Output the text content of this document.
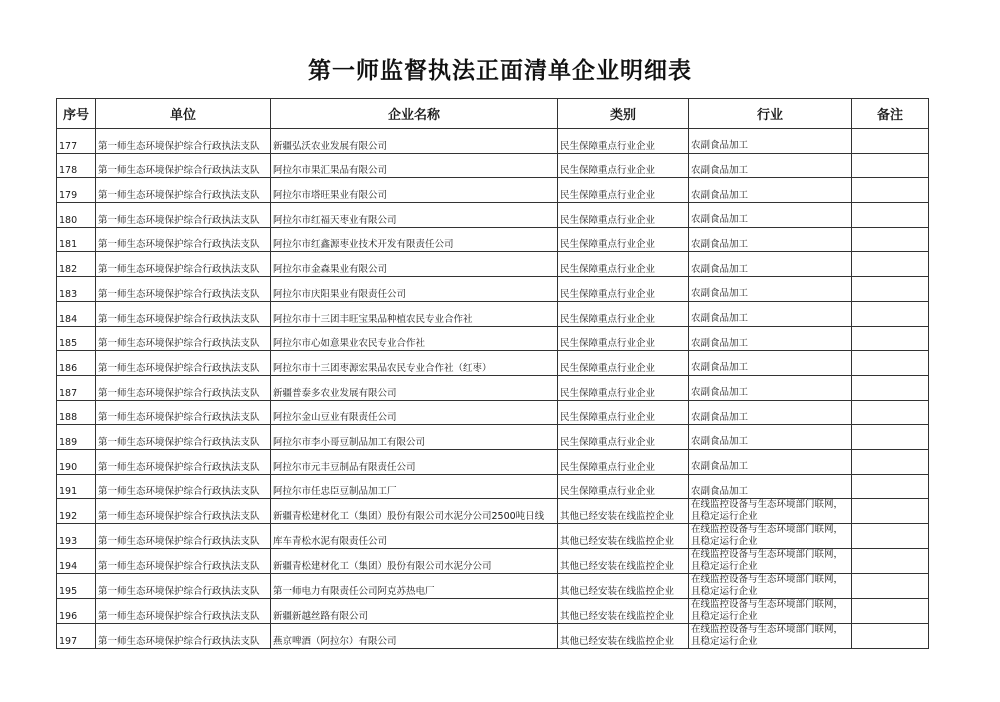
第一师监督执法正面清单企业明细表
序号	单位	企业名称	类别	行业	备注
177	第一师生态环境保护综合行政执法支队	新疆弘沃农业发展有限公司	民生保障重点行业企业	农副食品加工	
178	第一师生态环境保护综合行政执法支队	阿拉尔市果汇果品有限公司	民生保障重点行业企业	农副食品加工	
179	第一师生态环境保护综合行政执法支队	阿拉尔市塔旺果业有限公司	民生保障重点行业企业	农副食品加工	
180	第一师生态环境保护综合行政执法支队	阿拉尔市红福天枣业有限公司	民生保障重点行业企业	农副食品加工	
181	第一师生态环境保护综合行政执法支队	阿拉尔市红鑫源枣业技术开发有限责任公司	民生保障重点行业企业	农副食品加工	
182	第一师生态环境保护综合行政执法支队	阿拉尔市金森果业有限公司	民生保障重点行业企业	农副食品加工	
183	第一师生态环境保护综合行政执法支队	阿拉尔市庆阳果业有限责任公司	民生保障重点行业企业	农副食品加工	
184	第一师生态环境保护综合行政执法支队	阿拉尔市十三团丰旺宝果品种植农民专业合作社	民生保障重点行业企业	农副食品加工	
185	第一师生态环境保护综合行政执法支队	阿拉尔市心如意果业农民专业合作社	民生保障重点行业企业	农副食品加工	
186	第一师生态环境保护综合行政执法支队	阿拉尔市十三团枣源宏果品农民专业合作社（红枣）	民生保障重点行业企业	农副食品加工	
187	第一师生态环境保护综合行政执法支队	新疆普泰多农业发展有限公司	民生保障重点行业企业	农副食品加工	
188	第一师生态环境保护综合行政执法支队	阿拉尔金山豆业有限责任公司	民生保障重点行业企业	农副食品加工	
189	第一师生态环境保护综合行政执法支队	阿拉尔市李小哥豆制品加工有限公司	民生保障重点行业企业	农副食品加工	
190	第一师生态环境保护综合行政执法支队	阿拉尔市元丰豆制品有限责任公司	民生保障重点行业企业	农副食品加工	
191	第一师生态环境保护综合行政执法支队	阿拉尔市任忠臣豆制品加工厂	民生保障重点行业企业	农副食品加工	
192	第一师生态环境保护综合行政执法支队	新疆青松建材化工（集团）股份有限公司水泥分公司2500吨日线	其他已经安装在线监控企业	在线监控设备与生态环境部门联网，且稳定运行企业	
193	第一师生态环境保护综合行政执法支队	库车青松水泥有限责任公司	其他已经安装在线监控企业	在线监控设备与生态环境部门联网，且稳定运行企业	
194	第一师生态环境保护综合行政执法支队	新疆青松建材化工（集团）股份有限公司水泥分公司	其他已经安装在线监控企业	在线监控设备与生态环境部门联网，且稳定运行企业	
195	第一师生态环境保护综合行政执法支队	第一师电力有限责任公司阿克苏热电厂	其他已经安装在线监控企业	在线监控设备与生态环境部门联网，且稳定运行企业	
196	第一师生态环境保护综合行政执法支队	新疆新越丝路有限公司	其他已经安装在线监控企业	在线监控设备与生态环境部门联网，且稳定运行企业	
197	第一师生态环境保护综合行政执法支队	燕京啤酒（阿拉尔）有限公司	其他已经安装在线监控企业	在线监控设备与生态环境部门联网，且稳定运行企业	
